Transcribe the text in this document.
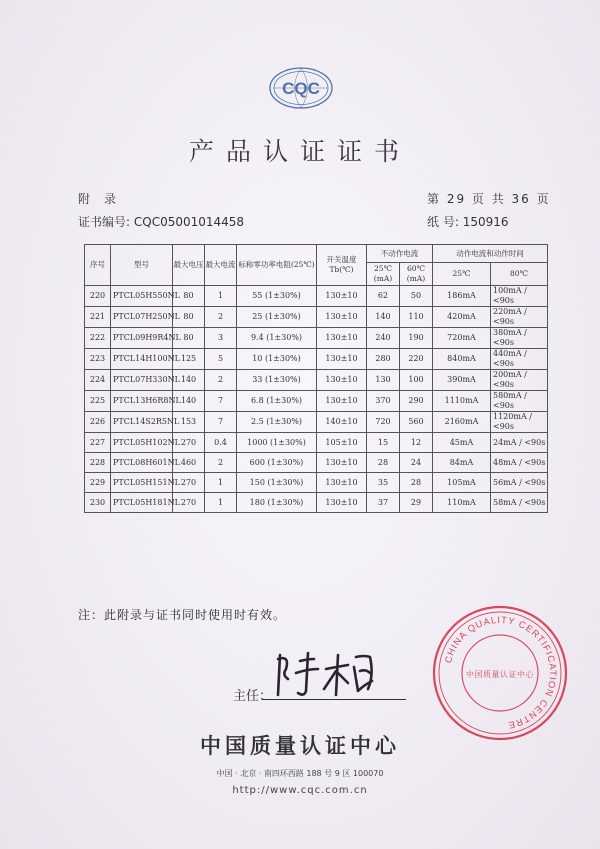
CQC
产品认证证书
附录	第 29 页 共 36 页
证书编号: CQC05001014458	纸 号: 150916
序号	型号	最大电压	最大电流	标称零功率电阻(25℃)	开关温度Tb(℃)	不动作电流		动作电流和动作时间	
						25℃(mA)	60℃(mA)	25℃	80℃
220	PTCL05H550NL	80	1	55 (1±30%)	130±10	62	50	186mA	100mA / <90s
221	PTCL07H250NL	80	2	25 (1±30%)	130±10	140	110	420mA	220mA / <90s
222	PTCL09H9R4NL	80	3	9.4 (1±30%)	130±10	240	190	720mA	380mA / <90s
223	PTCL14H100NL	125	5	10 (1±30%)	130±10	280	220	840mA	440mA / <90s
224	PTCL07H330NL	140	2	33 (1±30%)	130±10	130	100	390mA	200mA / <90s
225	PTCL13H6R8NL	140	7	6.8 (1±30%)	130±10	370	290	1110mA	580mA / <90s
226	PTCL14S2R5NL	153	7	2.5 (1±30%)	140±10	720	560	2160mA	1120mA / <90s
227	PTCL05H102NL	270	0.4	1000 (1±30%)	105±10	15	12	45mA	24mA / <90s
228	PTCL08H601NL	460	2	600 (1±30%)	130±10	28	24	84mA	48mA / <90s
229	PTCL05H151NL	270	1	150 (1±30%)	130±10	35	28	105mA	56mA / <90s
230	PTCL05H181NL	270	1	180 (1±30%)	130±10	37	29	110mA	58mA / <90s
注：此附录与证书同时使用时有效。
主任：
CHINA QUALITY CERTIFICATION CENTRE
中国质量认证中心
中国质量认证中心
中国 · 北京 · 南四环西路 188 号 9 区 100070
http://www.cqc.com.cn
